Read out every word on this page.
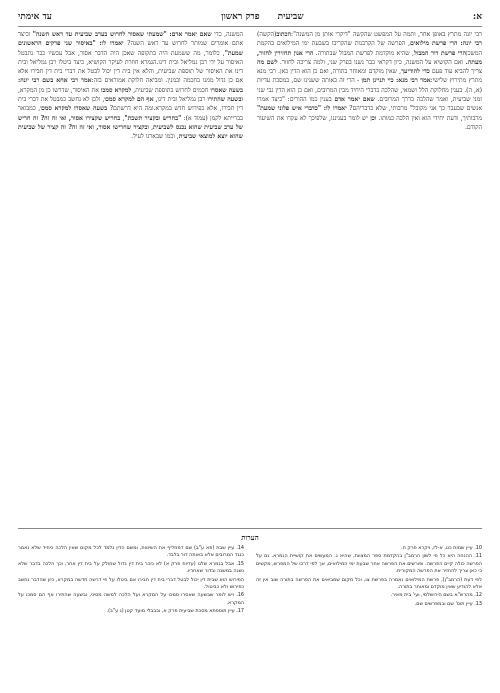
א:
שביעית
פרק ראשון
עד אימתי

רבי יונה מתרץ באופן אחר, ותמה על המפשט שהקשה "דיקרי אותן מן המשנה":הכתוב(הקשה) רבי יונה: הרי פרשת מילואים, הפרשה של הקרבנות שהקריבו בשבעת ימי המילואים בהקמת המשכןהרי פרשת דור המבול, שהיא מוקדמת לפרשת המבול שבתורה. הרי אנון תחזירין לחזור, מעתה. ואם הקושיא על המשנה, כיון דקראי כבר נשנו בפרק שני, ולמה צריכה לחזור. לשם מה צריך להביא עוד פעם כדי להודיעך, שאין מוקדם ומאוחר בתורה, ואם כן הוא הדין כאן. רבי מנא מתרץ מתירוץ שלישי:אמר רבי מנא: כיי תניינן תמן - הרי זה כאותה ששנינו שם, במסכת עדיות (א, ה). בענין מחלוקת הלל ושמאי, שהלכה כדברי היחיד מבין המרובים, ואם כן הוא הדין גבי שני זמני שביעית, ואמר שהלכה בדרך המרובים. שאם יאמר אדם בענין כמו ההורים: "כיצד אמרו אנשים שבעבר כך אני מקובל" מרבותי, שלא כדבריהם? יאמרו לו: "כדברי איש פלוני שמעת" מרבותיך, ודעת יחידי הוא ואין הלכה כמותו. וכן יש לומר בעניננו, שלפיכך לא עקרו את השיעור הקודם.

המשנה, כדי שאם יאמר אדם: "שמעתי שאסור לחרוש בערב שביעית עד ראש השנה" וכיצד אתם אומרים שמותר לחרוש עד ראש השנה? יאמרו לו: "באיסור שני פרקים הראשונים שמעת", כלומר, מה ששמעת היה בתקופה שאכן היה הדבר אסור, אבל עכשיו כבר נתבטל האיסור על ידי רבן גמליאל ובית דינו.הגמרא חוזרת לעיקר הקושיא, כיצד ביטלו רבן גמליאל ובית דינו את האיסור של תוספת שביעית, והלא אין בית דין יכול לבטל את דברי בית דין חבירו אלא אם כן גדול ממנו בחכמה ובמנין. ומביאה חלוקת אמוראים בזה:אמר רבי אחא בשם רבי יונה: בשעה שאסרו חכמים לחרוש בתוספת שביעית, למקרא סמכו את האיסור, שדרשו כן מן המקרא, ובשעה שהתירו רבן גמליאל ובית דינו, אף הם למקרא סמכו, ולכן לא נחשב כמבטל את דברי בית דין חבירו, אלא כפירוש חדש במקרא.ומה היא דרשתם? בשעה שאסרו למקרא סמכו, כמבואר בברייתא לקמן (עמוד א): "בחריש ובקציר תשבת", בחריש שקצירו אסור, ואי זה זה? זה חריש של ערב שביעית שהוא נכנס לשביעית, ובקציר שחרישו אסור, ואי זה זה? זה קציר של שביעית שהוא יוצא למוצאי שביעית, וכמו שבארנו לעיל.

הערות

10. עיין שמות כט, א-לז, ויקרא פרק ח.

11. ההנחה היא כל פי לשון הרמב"ן בהקדמת ספר המצוות, שהיא ג. המעשים את קושיית הגמרא. גם על הפרשה כולה קיים הפרשה. ופורשים את הפרשה אחר שבעת ימי המילואים, אך לפי דרכו של המפרש, מקשים כי כאן צריך להחזיר את הפרשה המקורית.

לפי דעת (הרמב"ן), פרשת המילואים נאמרה בפרשת צו, וכל מקום שמביאים את הפרשה בתורה שוב אין זה אלא להודיע שאין מוקדם ומאוחר בתורה.

12. מהרש"א בשם הירושלמי, ועי' בית מאיר.

13. עיין תוס' שם ובמפרשים שם.

14. עיין שבת (פא ע"ב) שם דמחליף את השיטות, ומשם הדין נלמד לכל מקום שאין הלכה כיחיד שלא נאמר כנגד המרובים אלא באותה דור בלבד.

15. אבל בגמרא שלנו (עדיות פרק א) לא נזכר בית דין גדול שחולק על בית דין אחר, וכך הלכה בדבר שלא נשנה במשנה ובדור שאחריו.

הפירוש הוא שבית דין יכול לבטל דברי בית דין חבירו אם ביטלו על פי דרשה חדשה במקרא, כיון שהדבר נחשב כפירוש ולא כביטול.

16. ויש לומר שבשעה שאסרו סמכו על המקרא ועל הלכה למשה מסיני, ובשעה שהתירו אף הם סמכו על המקרא.

17. עיין תוספתא מסכת שביעית פרק א, ובבבלי מועד קטן (ג ע"ב).
